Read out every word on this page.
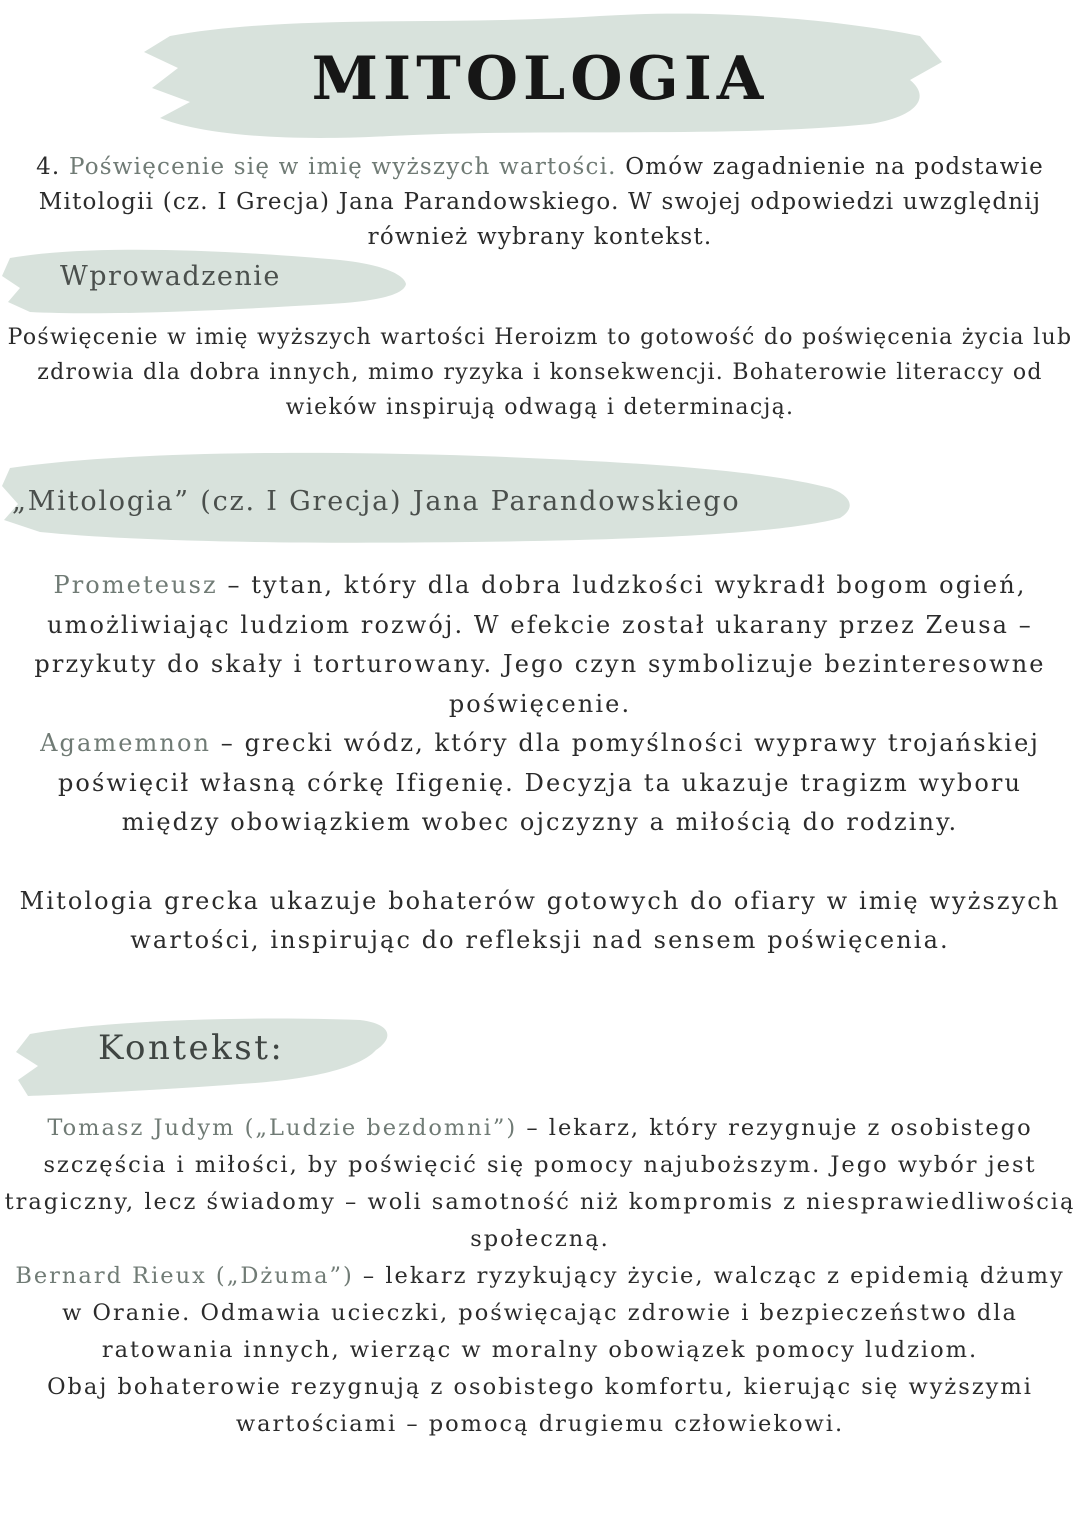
MITOLOGIA
4. Poświęcenie się w imię wyższych wartości. Omów zagadnienie na podstawie Mitologii (cz. I Grecja) Jana Parandowskiego. W swojej odpowiedzi uwzględnij również wybrany kontekst.
Wprowadzenie
Poświęcenie w imię wyższych wartości Heroizm to gotowość do poświęcenia życia lub zdrowia dla dobra innych, mimo ryzyka i konsekwencji. Bohaterowie literaccy od wieków inspirują odwagą i determinacją.
„Mitologia” (cz. I Grecja) Jana Parandowskiego

Prometeusz – tytan, który dla dobra ludzkości wykradł bogom ogień, umożliwiając ludziom rozwój. W efekcie został ukarany przez Zeusa – przykuty do skały i torturowany. Jego czyn symbolizuje bezinteresowne poświęcenie.

Agamemnon – grecki wódz, który dla pomyślności wyprawy trojańskiej poświęcił własną córkę Ifigenię. Decyzja ta ukazuje tragizm wyboru między obowiązkiem wobec ojczyzny a miłością do rodziny.

Mitologia grecka ukazuje bohaterów gotowych do ofiary w imię wyższych wartości, inspirując do refleksji nad sensem poświęcenia.

Kontekst:

Tomasz Judym („Ludzie bezdomni”) – lekarz, który rezygnuje z osobistego szczęścia i miłości, by poświęcić się pomocy najuboższym. Jego wybór jest tragiczny, lecz świadomy – woli samotność niż kompromis z niesprawiedliwością społeczną.

Bernard Rieux („Dżuma”) – lekarz ryzykujący życie, walcząc z epidemią dżumy w Oranie. Odmawia ucieczki, poświęcając zdrowie i bezpieczeństwo dla ratowania innych, wierząc w moralny obowiązek pomocy ludziom.

Obaj bohaterowie rezygnują z osobistego komfortu, kierując się wyższymi wartościami – pomocą drugiemu człowiekowi.
